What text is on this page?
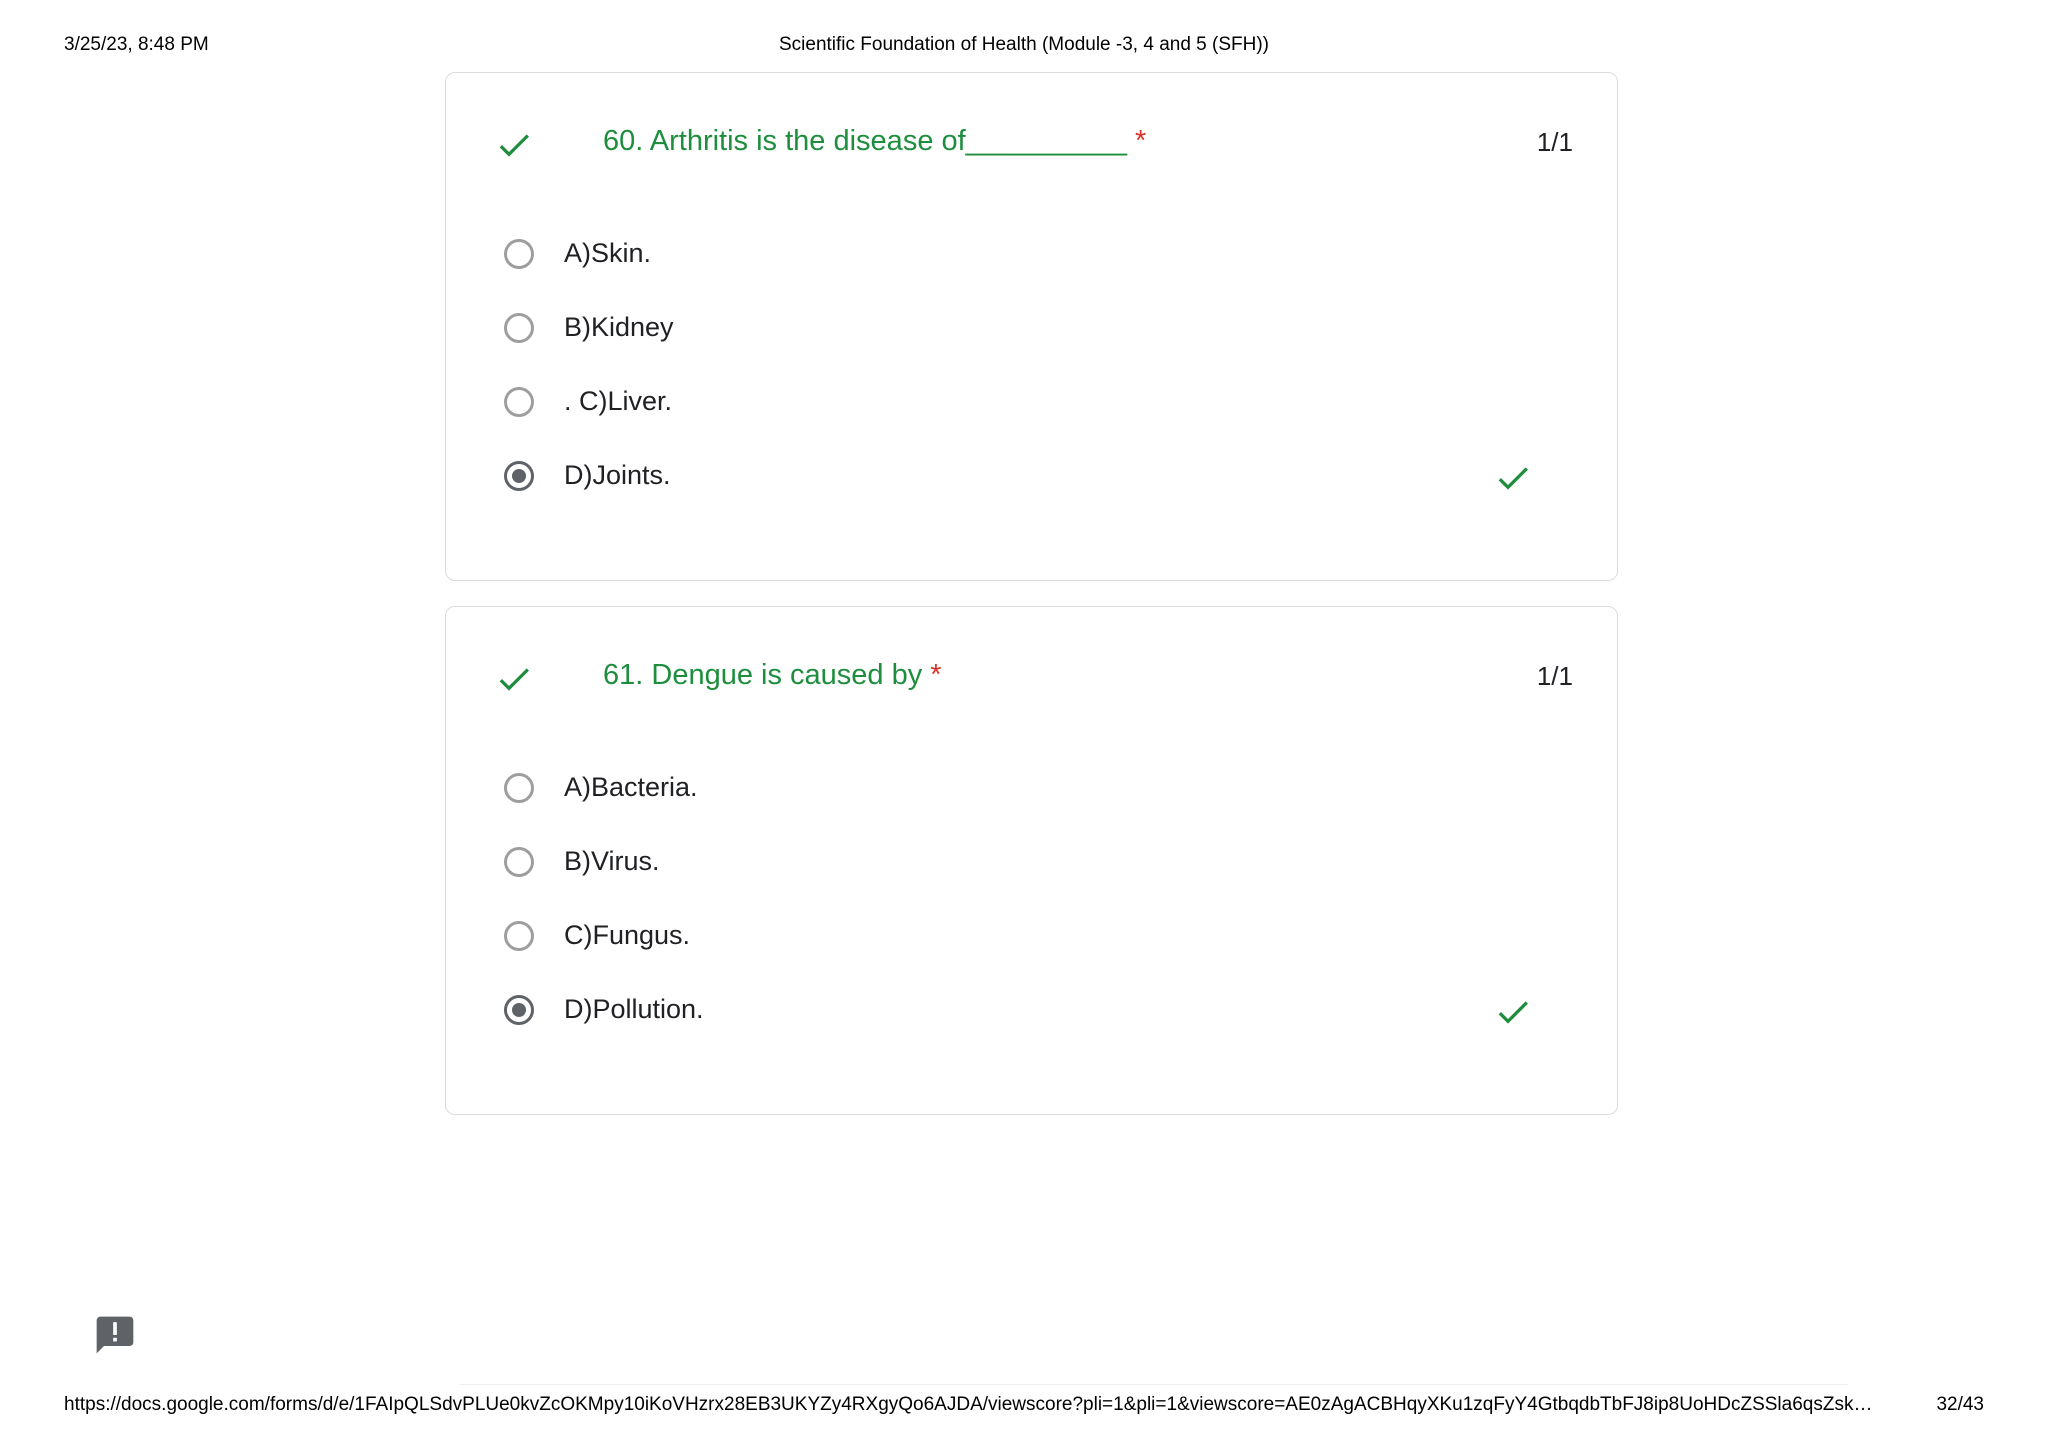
3/25/23, 8:48 PM	Scientific Foundation of Health (Module -3, 4 and 5 (SFH))
60. Arthritis is the disease of__________ *	1/1
A)Skin.
B)Kidney
. C)Liver.
D)Joints.
61. Dengue is caused by *	1/1
A)Bacteria.
B)Virus.
C)Fungus.
D)Pollution.
https://docs.google.com/forms/d/e/1FAIpQLSdvPLUe0kvZcOKMpy10iKoVHzrx28EB3UKYZy4RXgyQo6AJDA/viewscore?pli=1&pli=1&viewscore=AE0zAgACBHqyXKu1zqFyY4GtbqdbTbFJ8ip8UoHDcZSSla6qsZsk…	32/43
